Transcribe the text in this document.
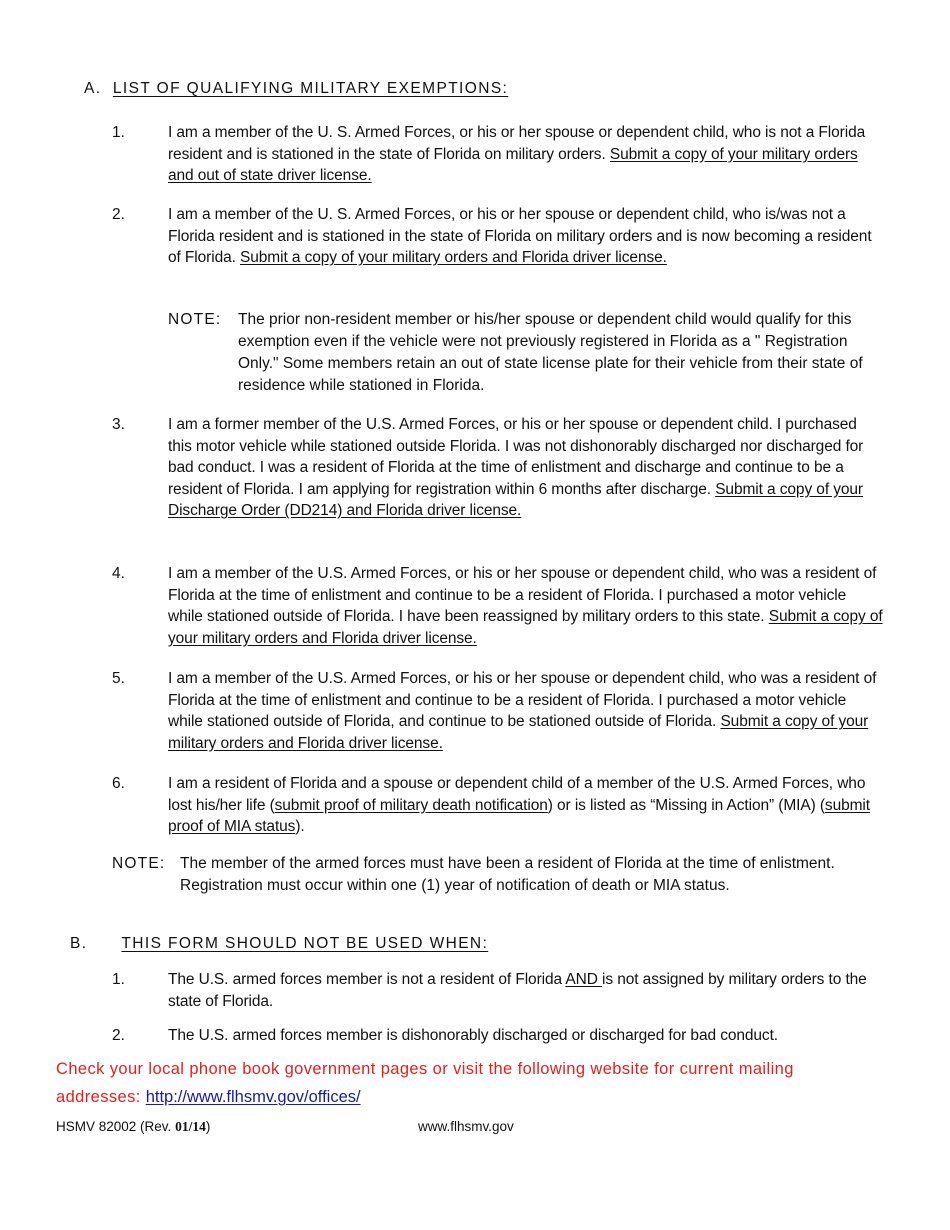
A. LIST OF QUALIFYING MILITARY EXEMPTIONS:
1.	I am a member of the U. S. Armed Forces, or his or her spouse or dependent child, who is not a Florida resident and is stationed in the state of Florida on military orders. Submit a copy of your military orders and out of state driver license.
2.	I am a member of the U. S. Armed Forces, or his or her spouse or dependent child, who is/was not a Florida resident and is stationed in the state of Florida on military orders and is now becoming a resident of Florida. Submit a copy of your military orders and Florida driver license.
NOTE: The prior non-resident member or his/her spouse or dependent child would qualify for this exemption even if the vehicle were not previously registered in Florida as a " Registration Only." Some members retain an out of state license plate for their vehicle from their state of residence while stationed in Florida.
3.	I am a former member of the U.S. Armed Forces, or his or her spouse or dependent child. I purchased this motor vehicle while stationed outside Florida. I was not dishonorably discharged nor discharged for bad conduct. I was a resident of Florida at the time of enlistment and discharge and continue to be a resident of Florida. I am applying for registration within 6 months after discharge. Submit a copy of your Discharge Order (DD214) and Florida driver license.
4.	I am a member of the U.S. Armed Forces, or his or her spouse or dependent child, who was a resident of Florida at the time of enlistment and continue to be a resident of Florida. I purchased a motor vehicle while stationed outside of Florida. I have been reassigned by military orders to this state. Submit a copy of your military orders and Florida driver license.
5.	I am a member of the U.S. Armed Forces, or his or her spouse or dependent child, who was a resident of Florida at the time of enlistment and continue to be a resident of Florida. I purchased a motor vehicle while stationed outside of Florida, and continue to be stationed outside of Florida. Submit a copy of your military orders and Florida driver license.
6.	I am a resident of Florida and a spouse or dependent child of a member of the U.S. Armed Forces, who lost his/her life (submit proof of military death notification) or is listed as “Missing in Action” (MIA) (submit proof of MIA status).
NOTE: The member of the armed forces must have been a resident of Florida at the time of enlistment. Registration must occur within one (1) year of notification of death or MIA status.
B. THIS FORM SHOULD NOT BE USED WHEN:
1.	The U.S. armed forces member is not a resident of Florida AND is not assigned by military orders to the state of Florida.
2.	The U.S. armed forces member is dishonorably discharged or discharged for bad conduct.
Check your local phone book government pages or visit the following website for current mailing addresses: http://www.flhsmv.gov/offices/
HSMV 82002 (Rev. 01/14)	www.flhsmv.gov
